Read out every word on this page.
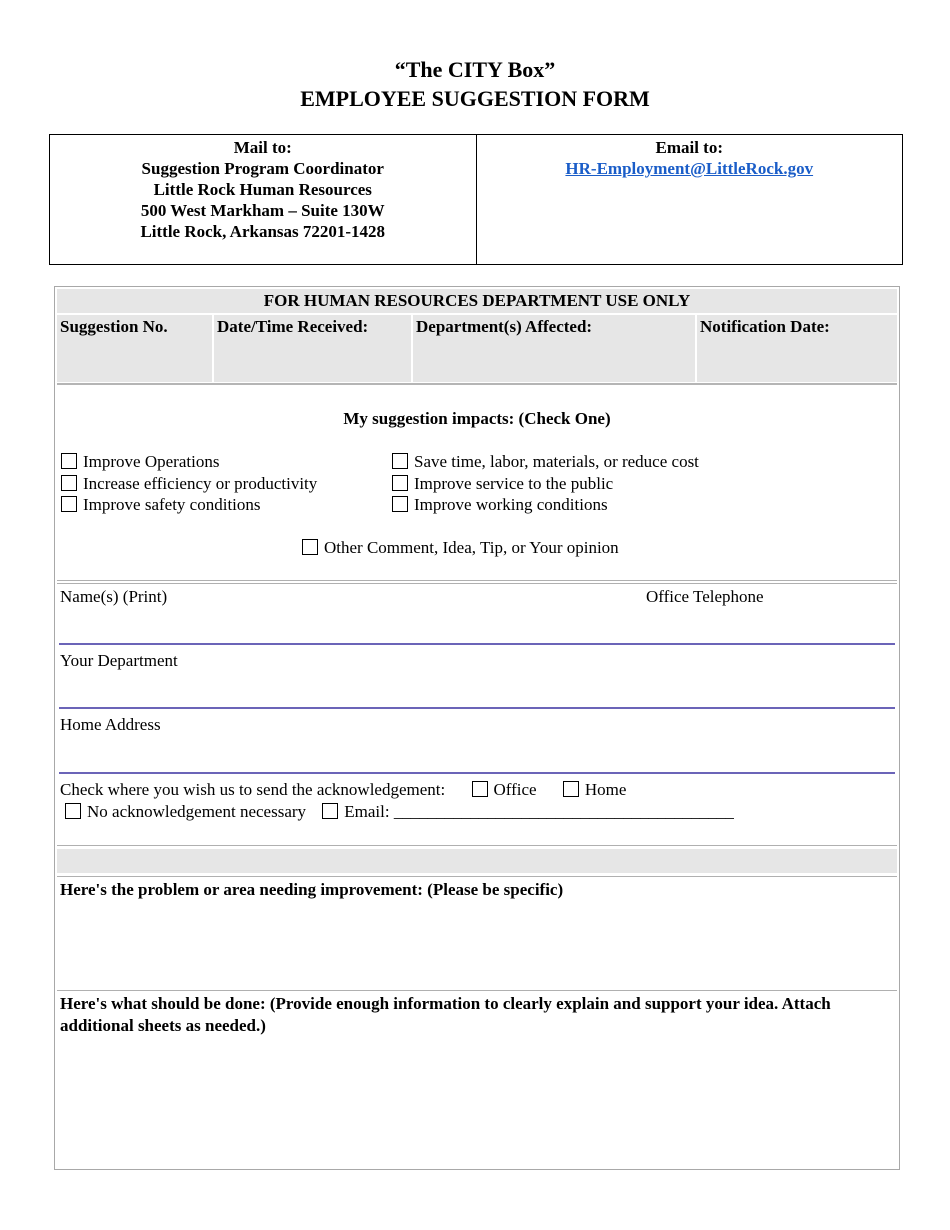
“The CITY Box”
EMPLOYEE SUGGESTION FORM
Mail to:
Suggestion Program Coordinator
Little Rock Human Resources
500 West Markham – Suite 130W
Little Rock, Arkansas 72201-1428
Email to:
HR-Employment@LittleRock.gov
FOR HUMAN RESOURCES DEPARTMENT USE ONLY
Suggestion No.	Date/Time Received:	Department(s) Affected:	Notification Date:
My suggestion impacts: (Check One)
Improve Operations
Increase efficiency or productivity
Improve safety conditions
Save time, labor, materials, or reduce cost
Improve service to the public
Improve working conditions
Other Comment, Idea, Tip, or Your opinion
Name(s) (Print)	Office Telephone
Your Department
Home Address
Check where you wish us to send the acknowledgement:	Office	Home
No acknowledgement necessary Email: ________________________________________
Here's the problem or area needing improvement: (Please be specific)
Here's what should be done: (Provide enough information to clearly explain and support your idea. Attach additional sheets as needed.)
